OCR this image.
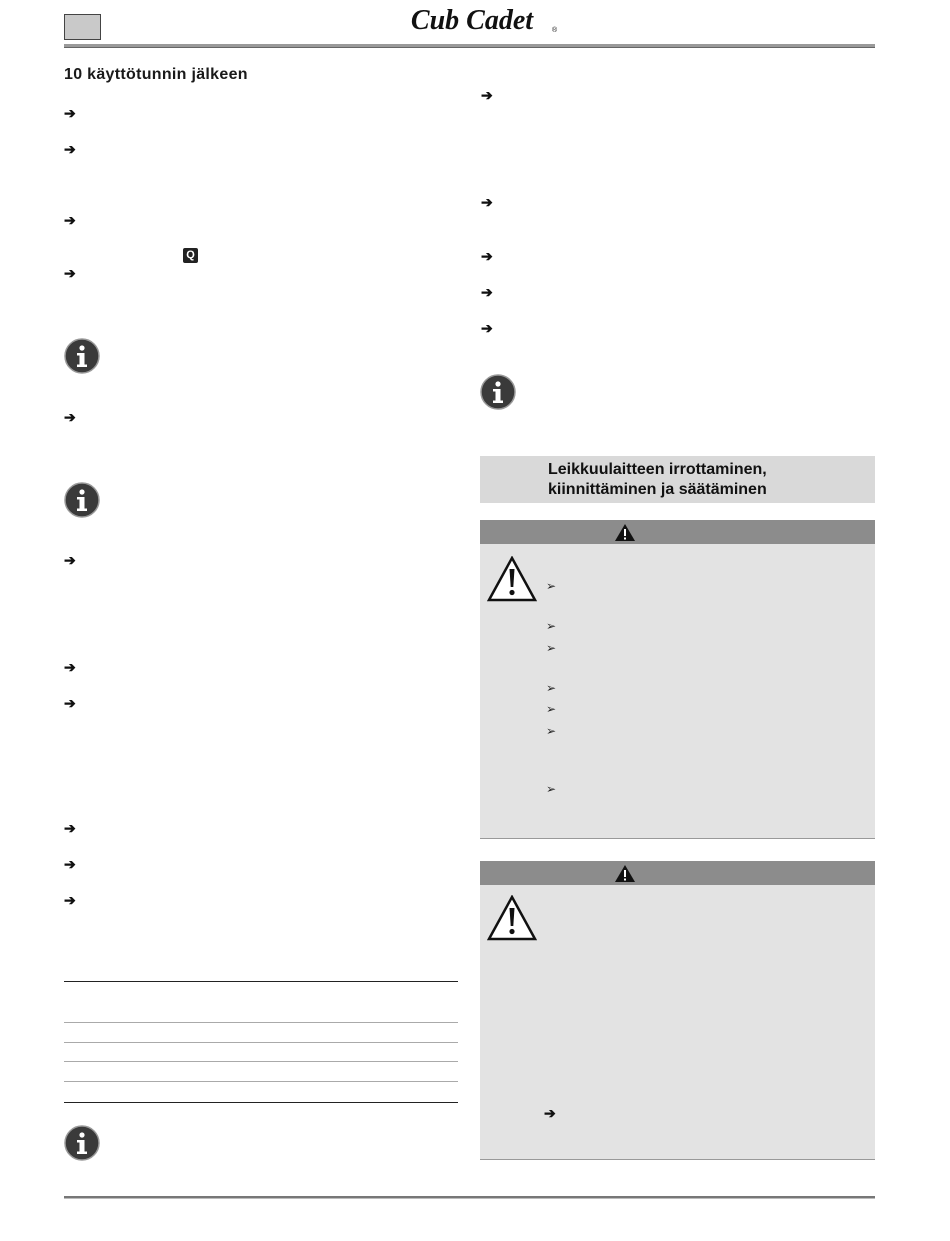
Cub Cadet	®
10 käyttötunnin jälkeen
➔
➔
➔
Q
➔
➔
➔
➔
➔
➔
➔
➔
➔
➔
➔
➔
➔
Leikkuulaitteen irrottaminen,
kiinnittäminen ja säätäminen
➢
➢
➢
➢
➢
➢
➢
➔
